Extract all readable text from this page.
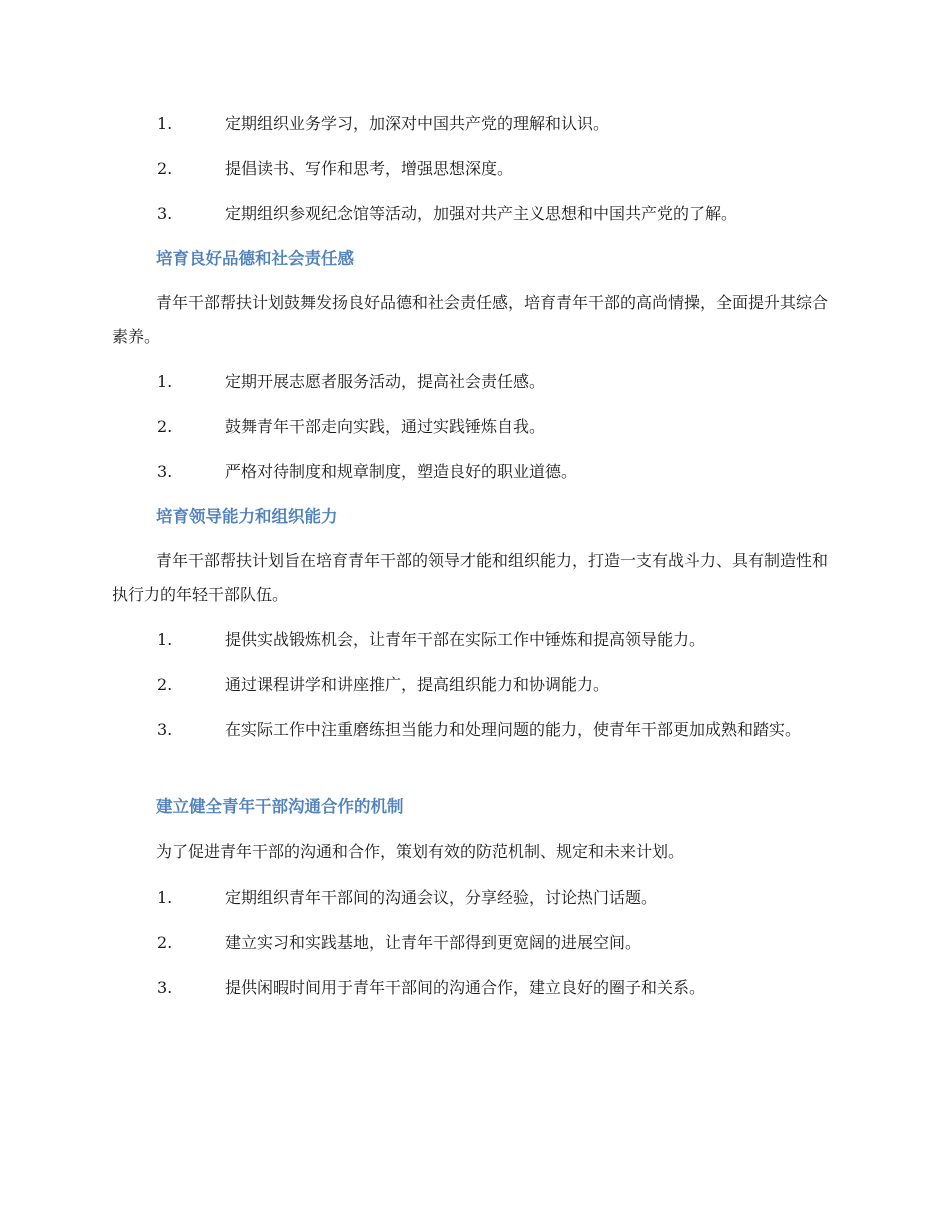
1.	定期组织业务学习，加深对中国共产党的理解和认识。
2.	提倡读书、写作和思考，增强思想深度。
3.	定期组织参观纪念馆等活动，加强对共产主义思想和中国共产党的了解。
培育良好品德和社会责任感

青年干部帮扶计划鼓舞发扬良好品德和社会责任感，培育青年干部的高尚情操，全面提升其综合素养。

1.	定期开展志愿者服务活动，提高社会责任感。
2.	鼓舞青年干部走向实践，通过实践锤炼自我。
3.	严格对待制度和规章制度，塑造良好的职业道德。
培育领导能力和组织能力

青年干部帮扶计划旨在培育青年干部的领导才能和组织能力，打造一支有战斗力、具有制造性和执行力的年轻干部队伍。

1.	提供实战锻炼机会，让青年干部在实际工作中锤炼和提高领导能力。
2.	通过课程讲学和讲座推广，提高组织能力和协调能力。
3.	在实际工作中注重磨练担当能力和处理问题的能力，使青年干部更加成熟和踏实。
建立健全青年干部沟通合作的机制

为了促进青年干部的沟通和合作，策划有效的防范机制、规定和未来计划。

1.	定期组织青年干部间的沟通会议，分享经验，讨论热门话题。
2.	建立实习和实践基地，让青年干部得到更宽阔的进展空间。
3.	提供闲暇时间用于青年干部间的沟通合作，建立良好的圈子和关系。
